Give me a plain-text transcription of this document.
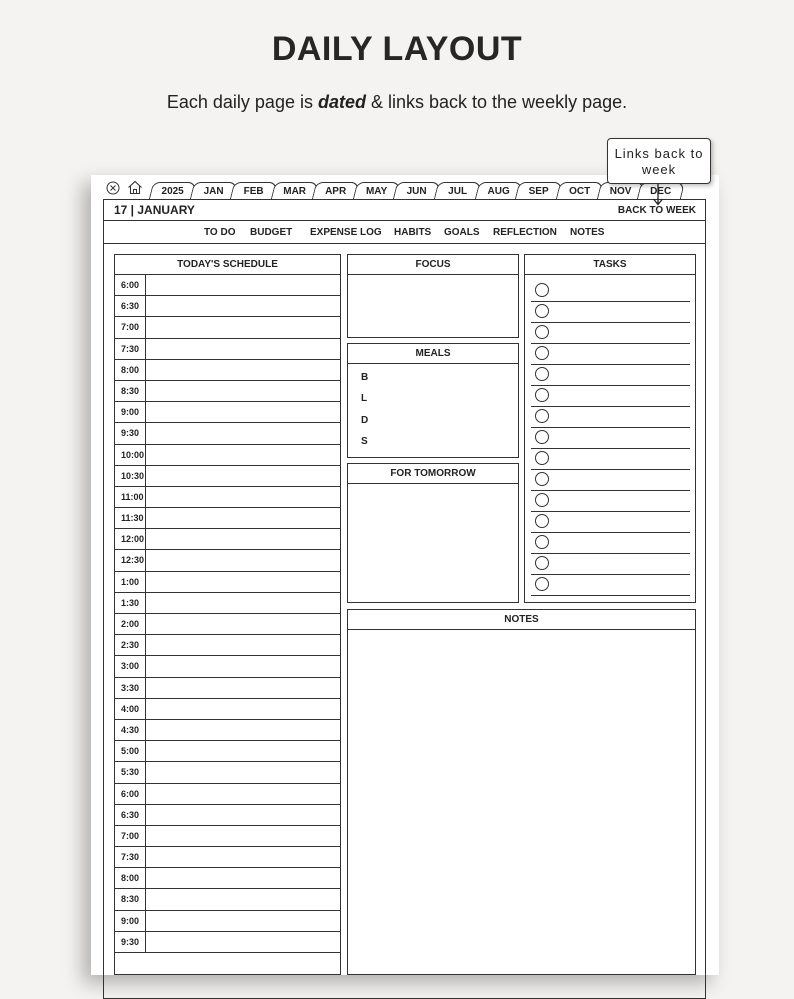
DAILY LAYOUT
Each daily page is dated & links back to the weekly page.
2025	JAN	FEB	MAR	APR	MAY	JUN	JUL	AUG	SEP	OCT	NOV	DEC
17 | JANUARY	BACK TO WEEK
TO DO BUDGET EXPENSE LOG HABITS GOALS REFLECTION NOTES
TODAY'S SCHEDULE
6:00
6:30
7:00
7:30
8:00
8:30
9:00
9:30
10:00
10:30
11:00
11:30
12:00
12:30
1:00
1:30
2:00
2:30
3:00
3:30
4:00
4:30
5:00
5:30
6:00
6:30
7:00
7:30
8:00
8:30
9:00
9:30
FOCUS
MEALS
B
L
D
S
FOR TOMORROW
TASKS
NOTES
Links back to week
